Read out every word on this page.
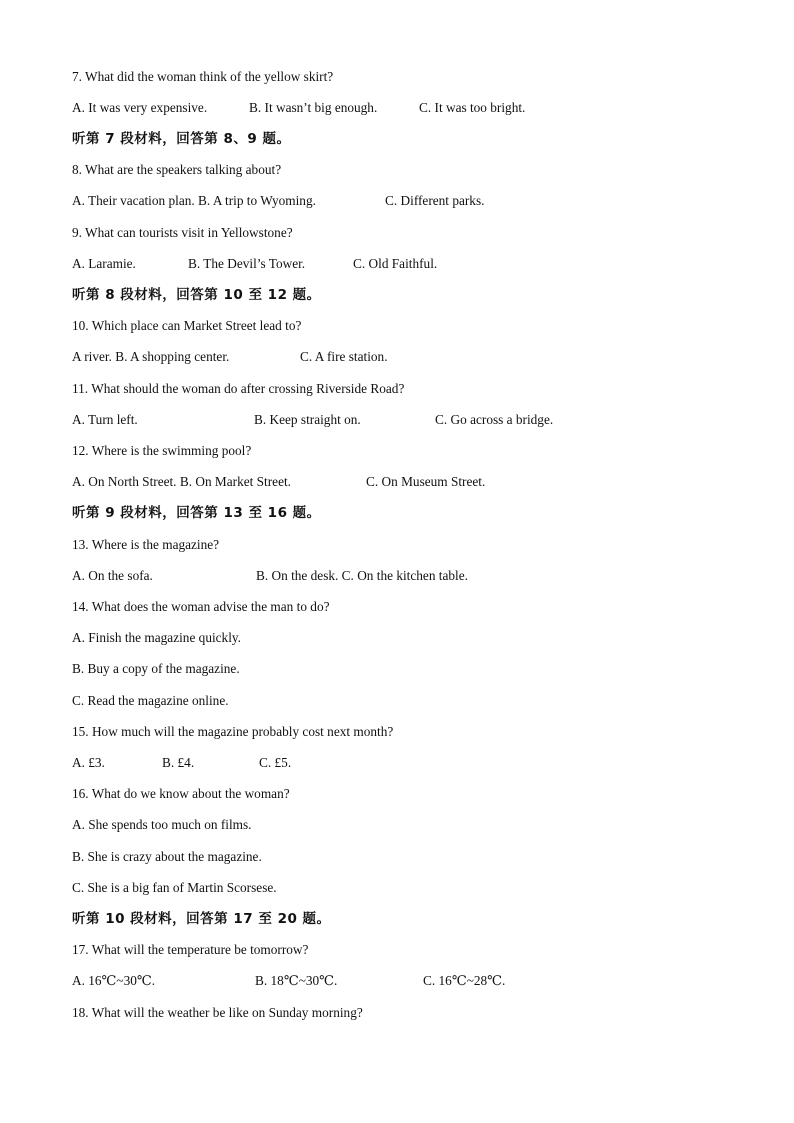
7. What did the woman think of the yellow skirt?
A. It was very expensive.	B. It wasn’t big enough.	C. It was too bright.
听第 7 段材料，回答第 8、9 题。
8. What are the speakers talking about?
A. Their vacation plan. B. A trip to Wyoming.	C. Different parks.
9. What can tourists visit in Yellowstone?
A. Laramie.	B. The Devil’s Tower.	C. Old Faithful.
听第 8 段材料，回答第 10 至 12 题。
10. Which place can Market Street lead to?
A river. B. A shopping center.	C. A fire station.
11. What should the woman do after crossing Riverside Road?
A. Turn left.	B. Keep straight on.	C. Go across a bridge.
12. Where is the swimming pool?
A. On North Street. B. On Market Street.	C. On Museum Street.
听第 9 段材料，回答第 13 至 16 题。
13. Where is the magazine?
A. On the sofa.	B. On the desk. C. On the kitchen table.
14. What does the woman advise the man to do?
A. Finish the magazine quickly.
B. Buy a copy of the magazine.
C. Read the magazine online.
15. How much will the magazine probably cost next month?
A. £3.	B. £4.	C. £5.
16. What do we know about the woman?
A. She spends too much on films.
B. She is crazy about the magazine.
C. She is a big fan of Martin Scorsese.
听第 10 段材料，回答第 17 至 20 题。
17. What will the temperature be tomorrow?
A. 16℃~30℃.	B. 18℃~30℃.	C. 16℃~28℃.
18. What will the weather be like on Sunday morning?
